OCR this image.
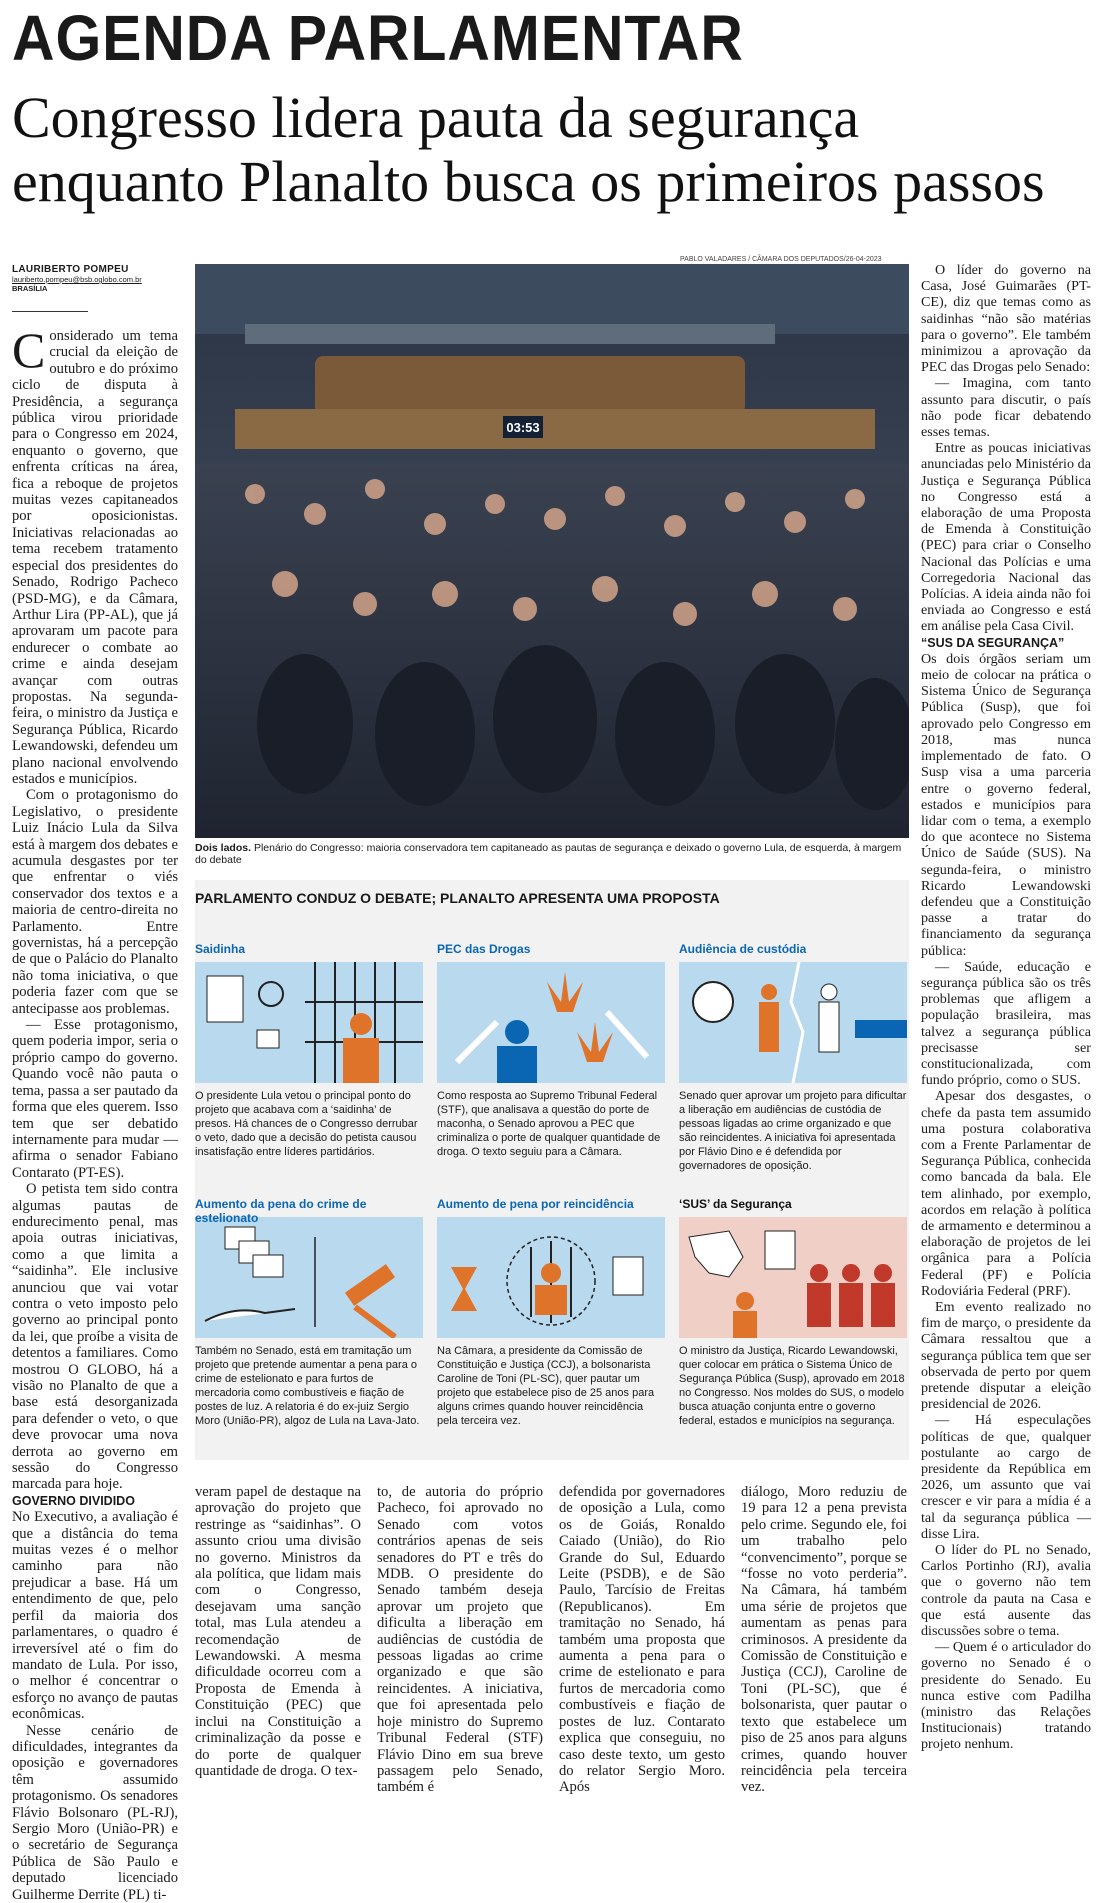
AGENDA PARLAMENTAR
Congresso lidera pauta da segurança
enquanto Planalto busca os primeiros passos
LAURIBERTO POMPEU
lauriberto.pompeu@bsb.oglobo.com.br
BRASÍLIA

Considerado um tema crucial da eleição de outubro e do próximo ciclo de disputa à Presidência, a segurança pública virou prioridade para o Congresso em 2024, enquanto o governo, que enfrenta críticas na área, fica a reboque de projetos muitas vezes capitaneados por oposicionistas. Iniciativas relacionadas ao tema recebem tratamento especial dos presidentes do Senado, Rodrigo Pacheco (PSD-MG), e da Câmara, Arthur Lira (PP-AL), que já aprovaram um pacote para endurecer o combate ao crime e ainda desejam avançar com outras propostas. Na segunda-feira, o ministro da Justiça e Segurança Pública, Ricardo Lewandowski, defendeu um plano nacional envolvendo estados e municípios.

Com o protagonismo do Legislativo, o presidente Luiz Inácio Lula da Silva está à margem dos debates e acumula desgastes por ter que enfrentar o viés conservador dos textos e a maioria de centro-direita no Parlamento. Entre governistas, há a percepção de que o Palácio do Planalto não toma iniciativa, o que poderia fazer com que se antecipasse aos problemas.

— Esse protagonismo, quem poderia impor, seria o próprio campo do governo. Quando você não pauta o tema, passa a ser pautado da forma que eles querem. Isso tem que ser debatido internamente para mudar — afirma o senador Fabiano Contarato (PT-ES).

O petista tem sido contra algumas pautas de endurecimento penal, mas apoia outras iniciativas, como a que limita a “saidinha”. Ele inclusive anunciou que vai votar contra o veto imposto pelo governo ao principal ponto da lei, que proíbe a visita de detentos a familiares. Como mostrou O GLOBO, há a visão no Planalto de que a base está desorganizada para defender o veto, o que deve provocar uma nova derrota ao governo em sessão do Congresso marcada para hoje.

GOVERNO DIVIDIDO

No Executivo, a avaliação é que a distância do tema muitas vezes é o melhor caminho para não prejudicar a base. Há um entendimento de que, pelo perfil da maioria dos parlamentares, o quadro é irreversível até o fim do mandato de Lula. Por isso, o melhor é concentrar o esforço no avanço de pautas econômicas.

Nesse cenário de dificuldades, integrantes da oposição e governadores têm assumido protagonismo. Os senadores Flávio Bolsonaro (PL-RJ), Sergio Moro (União-PR) e o secretário de Segurança Pública de São Paulo e deputado licenciado Guilherme Derrite (PL) ti-

PABLO VALADARES / CÂMARA DOS DEPUTADOS/26-04-2023
03:53
Dois lados. Plenário do Congresso: maioria conservadora tem capitaneado as pautas de segurança e deixado o governo Lula, de esquerda, à margem do debate
PARLAMENTO CONDUZ O DEBATE; PLANALTO APRESENTA UMA PROPOSTA
Saidinha
O presidente Lula vetou o principal ponto do projeto que acabava com a ‘saidinha’ de presos. Há chances de o Congresso derrubar o veto, dado que a decisão do petista causou insatisfação entre líderes partidários.
PEC das Drogas
Como resposta ao Supremo Tribunal Federal (STF), que analisava a questão do porte de maconha, o Senado aprovou a PEC que criminaliza o porte de qualquer quantidade de droga. O texto seguiu para a Câmara.
Audiência de custódia
Senado quer aprovar um projeto para dificultar a liberação em audiências de custódia de pessoas ligadas ao crime organizado e que são reincidentes. A iniciativa foi apresentada por Flávio Dino e é defendida por governadores de oposição.
Aumento da pena do crime de
Também no Senado, está em tramitação um projeto que pretende aumentar a pena para o crime de estelionato e para furtos de mercadoria como combustíveis e fiação de postes de luz. A relatoria é do ex-juiz Sergio Moro (União-PR), algoz de Lula na Lava-Jato.
Aumento de pena por reincidência
Na Câmara, a presidente da Comissão de Constituição e Justiça (CCJ), a bolsonarista Caroline de Toni (PL-SC), quer pautar um projeto que estabelece piso de 25 anos para alguns crimes quando houver reincidência pela terceira vez.
‘SUS’ da Segurança
O ministro da Justiça, Ricardo Lewandowski, quer colocar em prática o Sistema Único de Segurança Pública (Susp), aprovado em 2018 no Congresso. Nos moldes do SUS, o modelo busca atuação conjunta entre o governo federal, estados e municípios na segurança.

veram papel de destaque na aprovação do projeto que restringe as “saidinhas”. O assunto criou uma divisão no governo. Ministros da ala política, que lidam mais com o Congresso, desejavam uma sanção total, mas Lula atendeu a recomendação de Lewandowski. A mesma dificuldade ocorreu com a Proposta de Emenda à Constituição (PEC) que inclui na Constituição a criminalização da posse e do porte de qualquer quantidade de droga. O tex-

to, de autoria do próprio Pacheco, foi aprovado no Senado com votos contrários apenas de seis senadores do PT e três do MDB. O presidente do Senado também deseja aprovar um projeto que dificulta a liberação em audiências de custódia de pessoas ligadas ao crime organizado e que são reincidentes. A iniciativa, que foi apresentada pelo hoje ministro do Supremo Tribunal Federal (STF) Flávio Dino em sua breve passagem pelo Senado, também é

defendida por governadores de oposição a Lula, como os de Goiás, Ronaldo Caiado (União), do Rio Grande do Sul, Eduardo Leite (PSDB), e de São Paulo, Tarcísio de Freitas (Republicanos). Em tramitação no Senado, há também uma proposta que aumenta a pena para o crime de estelionato e para furtos de mercadoria como combustíveis e fiação de postes de luz. Contarato explica que conseguiu, no caso deste texto, um gesto do relator Sergio Moro. Após

diálogo, Moro reduziu de 19 para 12 a pena prevista pelo crime. Segundo ele, foi um trabalho pelo “convencimento”, porque se “fosse no voto perderia”. Na Câmara, há também uma série de projetos que aumentam as penas para criminosos. A presidente da Comissão de Constituição e Justiça (CCJ), Caroline de Toni (PL-SC), que é bolsonarista, quer pautar o texto que estabelece um piso de 25 anos para alguns crimes, quando houver reincidência pela terceira vez.

O líder do governo na Casa, José Guimarães (PT-CE), diz que temas como as saidinhas “não são matérias para o governo”. Ele também minimizou a aprovação da PEC das Drogas pelo Senado:

— Imagina, com tanto assunto para discutir, o país não pode ficar debatendo esses temas.

Entre as poucas iniciativas anunciadas pelo Ministério da Justiça e Segurança Pública no Congresso está a elaboração de uma Proposta de Emenda à Constituição (PEC) para criar o Conselho Nacional das Polícias e uma Corregedoria Nacional das Polícias. A ideia ainda não foi enviada ao Congresso e está em análise pela Casa Civil.

“SUS DA SEGURANÇA”

Os dois órgãos seriam um meio de colocar na prática o Sistema Único de Segurança Pública (Susp), que foi aprovado pelo Congresso em 2018, mas nunca implementado de fato. O Susp visa a uma parceria entre o governo federal, estados e municípios para lidar com o tema, a exemplo do que acontece no Sistema Único de Saúde (SUS). Na segunda-feira, o ministro Ricardo Lewandowski defendeu que a Constituição passe a tratar do financiamento da segurança pública:

— Saúde, educação e segurança pública são os três problemas que afligem a população brasileira, mas talvez a segurança pública precisasse ser constitucionalizada, com fundo próprio, como o SUS.

Apesar dos desgastes, o chefe da pasta tem assumido uma postura colaborativa com a Frente Parlamentar de Segurança Pública, conhecida como bancada da bala. Ele tem alinhado, por exemplo, acordos em relação à política de armamento e determinou a elaboração de projetos de lei orgânica para a Polícia Federal (PF) e Polícia Rodoviária Federal (PRF).

Em evento realizado no fim de março, o presidente da Câmara ressaltou que a segurança pública tem que ser observada de perto por quem pretende disputar a eleição presidencial de 2026.

— Há especulações políticas de que, qualquer postulante ao cargo de presidente da República em 2026, um assunto que vai crescer e vir para a mídia é a tal da segurança pública — disse Lira.

O líder do PL no Senado, Carlos Portinho (RJ), avalia que o governo não tem controle da pauta na Casa e que está ausente das discussões sobre o tema.

— Quem é o articulador do governo no Senado é o presidente do Senado. Eu nunca estive com Padilha (ministro das Relações Institucionais) tratando projeto nenhum.
